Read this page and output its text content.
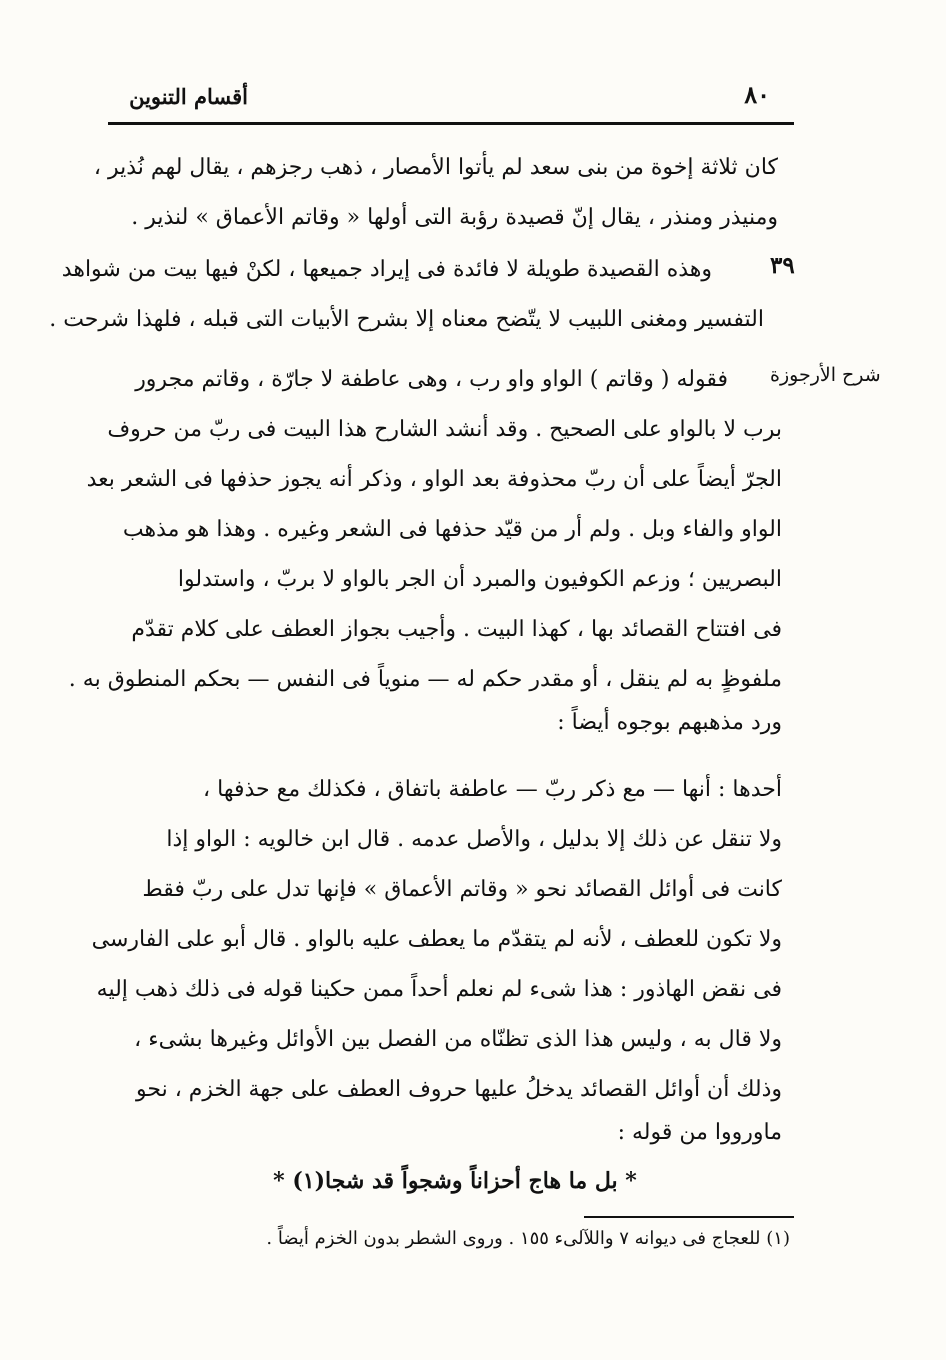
٨٠
أقسام التنوين
كان ثلاثة إخوة من بنى سعد لم يأتوا الأمصار ، ذهب رجزهم ، يقال لهم نُذير ،
ومنيذر ومنذر ، يقال إنّ قصيدة رؤبة التى أولها « وقاتم الأعماق » لنذير .
٣٩
وهذه القصيدة طويلة لا فائدة فى إيراد جميعها ، لكنْ فيها بيت من شواهد
التفسير ومغنى اللبيب لا يتّضح معناه إلا بشرح الأبيات التى قبله ، فلهذا شرحت .
شرح الأرجوزة
فقوله ( وقاتم ) الواو واو رب ، وهى عاطفة لا جارّة ، وقاتم مجرور
برب لا بالواو على الصحيح . وقد أنشد الشارح هذا البيت فى ربّ من حروف
الجرّ أيضاً على أن ربّ محذوفة بعد الواو ، وذكر أنه يجوز حذفها فى الشعر بعد
الواو والفاء وبل . ولم أر من قيّد حذفها فى الشعر وغيره . وهذا هو مذهب
البصريين ؛ وزعم الكوفيون والمبرد أن الجر بالواو لا بربّ ، واستدلوا
فى افتتاح القصائد بها ، كهذا البيت . وأجيب بجواز العطف على كلام تقدّم
ملفوظٍ به لم ينقل ، أو مقدر حكم له — منوياً فى النفس — بحكم المنطوق به .
ورد مذهبهم بوجوه أيضاً :
أحدها : أنها — مع ذكر ربّ — عاطفة باتفاق ، فكذلك مع حذفها ،
ولا تنقل عن ذلك إلا بدليل ، والأصل عدمه . قال ابن خالويه : الواو إذا
كانت فى أوائل القصائد نحو « وقاتم الأعماق » فإنها تدل على ربّ فقط
ولا تكون للعطف ، لأنه لم يتقدّم ما يعطف عليه بالواو . قال أبو على الفارسى
فى نقض الهاذور : هذا شىء لم نعلم أحداً ممن حكينا قوله فى ذلك ذهب إليه
ولا قال به ، وليس هذا الذى تظنّاه من الفصل بين الأوائل وغيرها بشىء ،
وذلك أن أوائل القصائد يدخلُ عليها حروف العطف على جهة الخزم ، نحو
ماورووا من قوله :
* بل ما هاج أحزاناً وشجواً قد شجا(١) *
(١) للعجاج فى ديوانه ٧ واللآلىء ١٥٥ . وروى الشطر بدون الخزم أيضاً .
